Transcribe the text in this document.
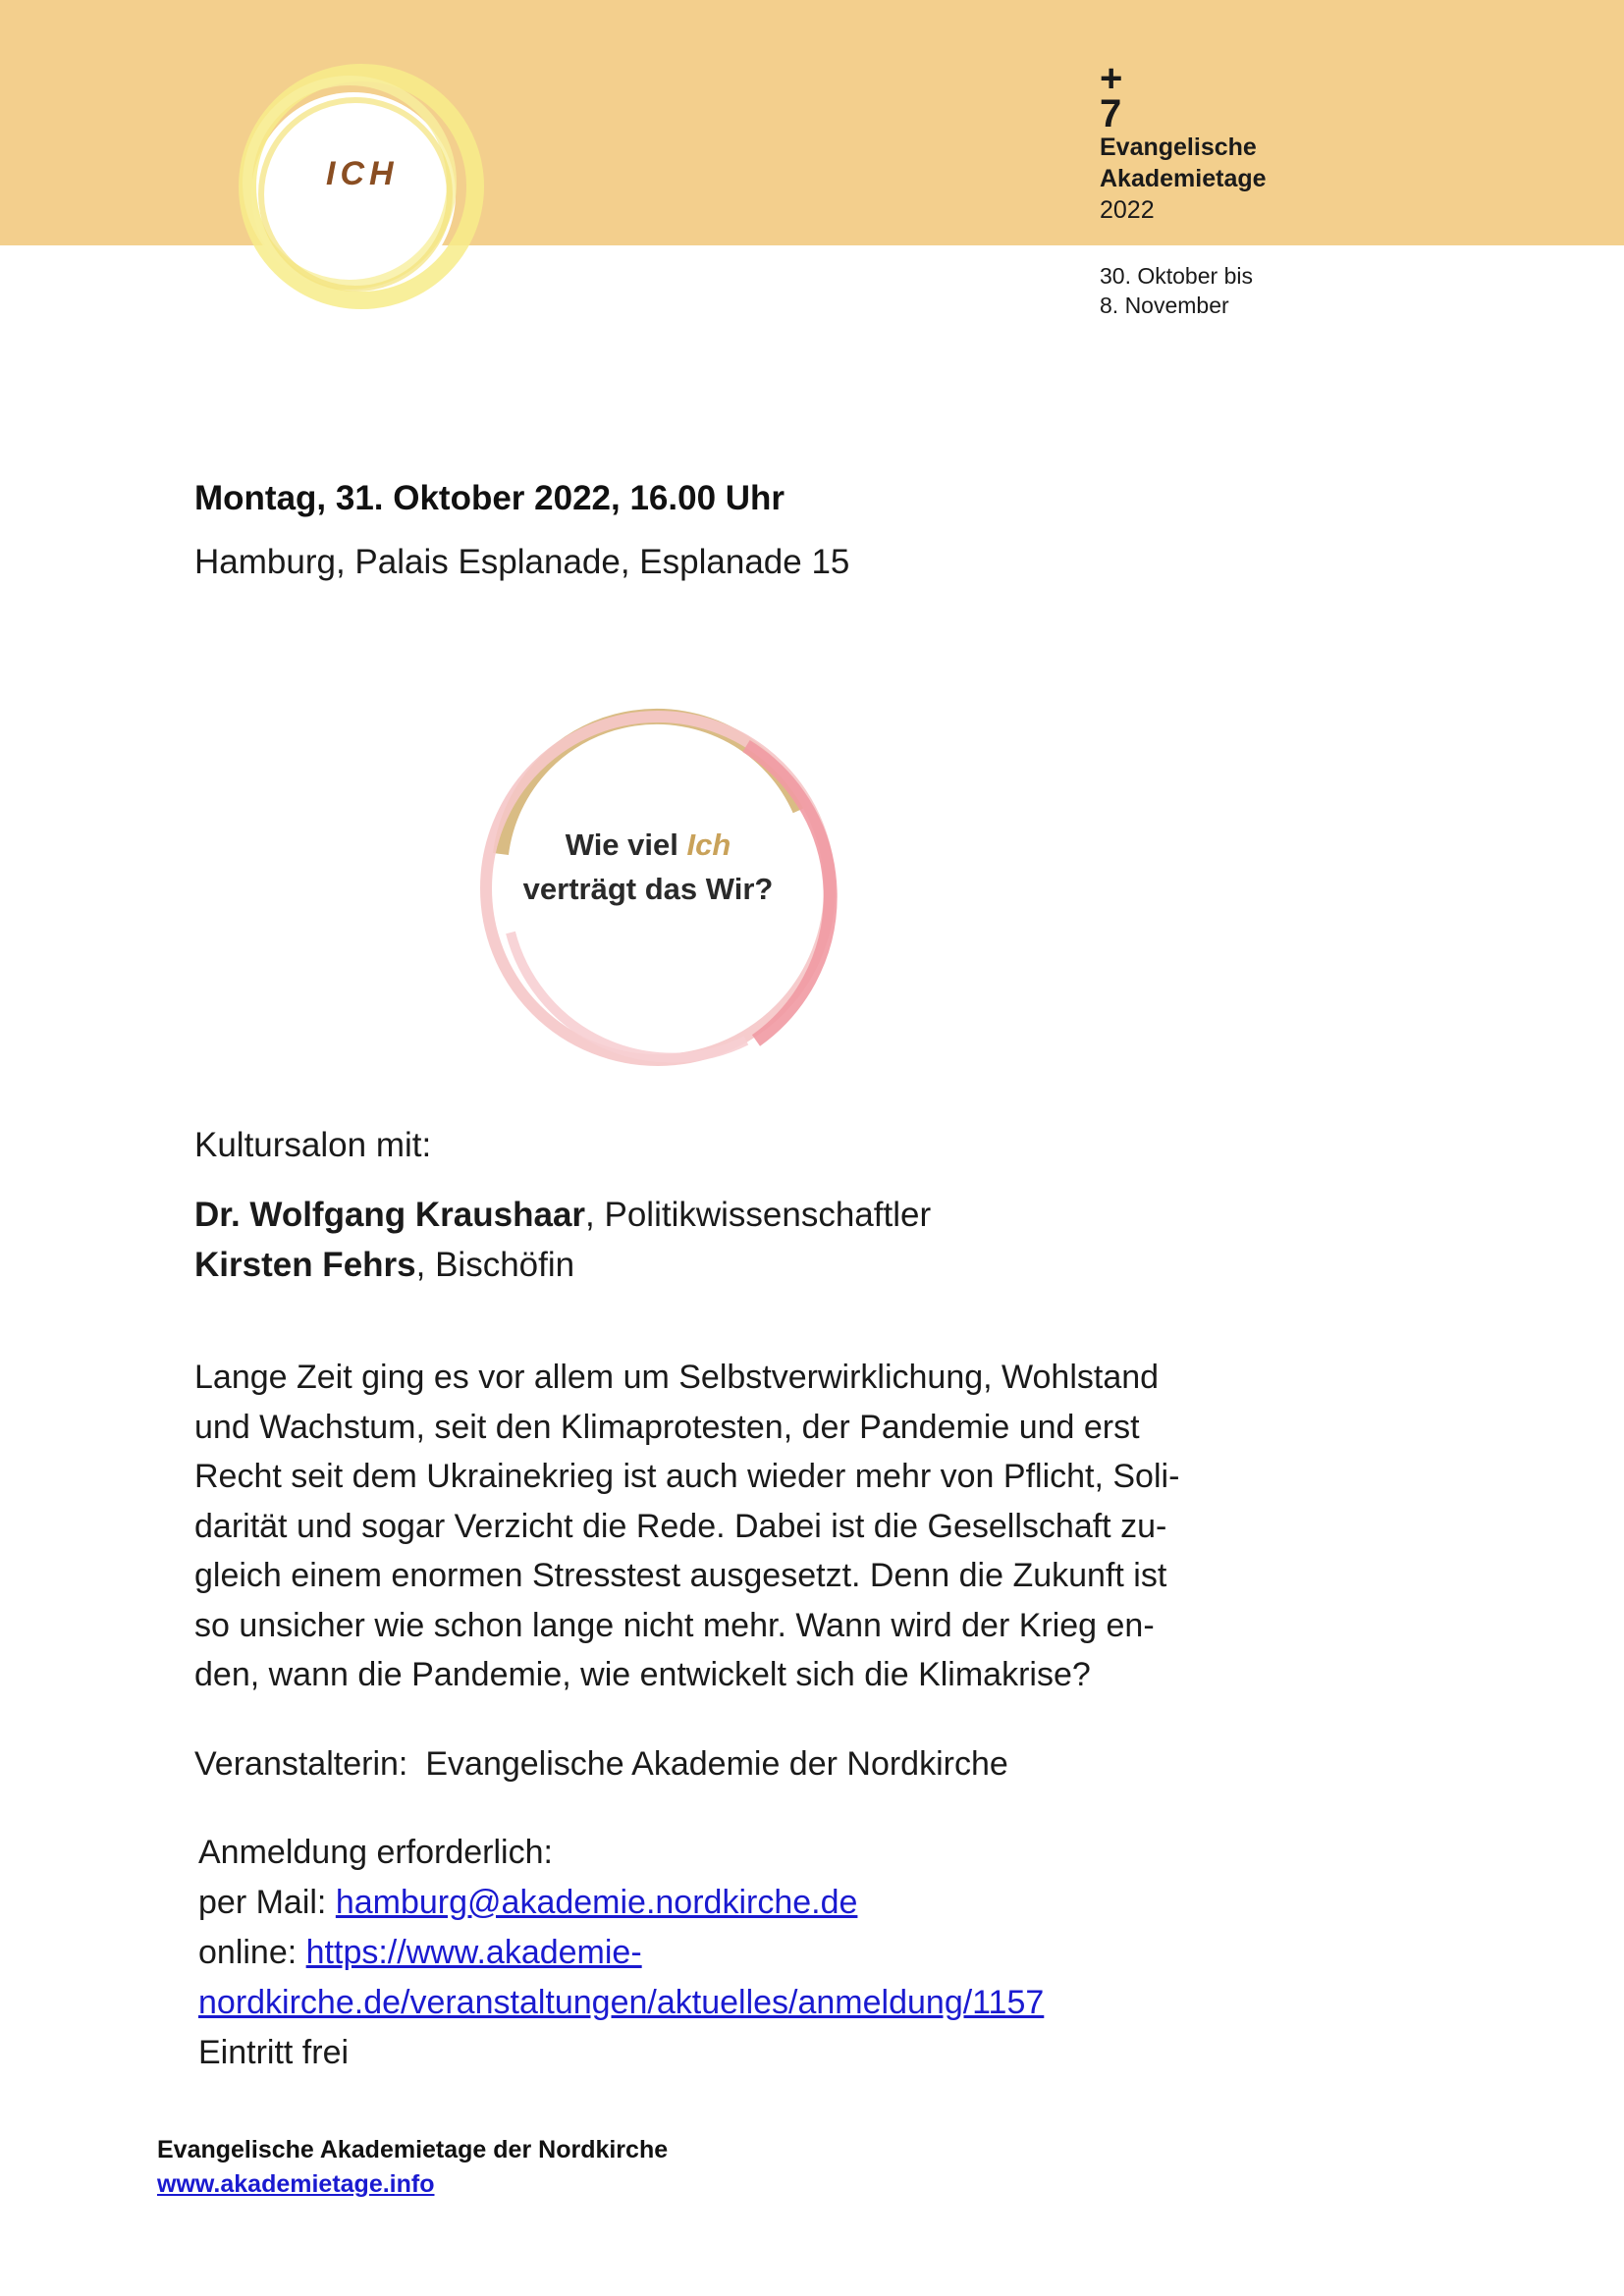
ICH
+
7
Evangelische
Akademietage
2022
30. Oktober bis
8. November
Montag, 31. Oktober 2022, 16.00 Uhr
Hamburg, Palais Esplanade, Esplanade 15
Wie viel Ich
verträgt das Wir?
Kultursalon mit:
Dr. Wolfgang Kraushaar, Politikwissenschaftler
Kirsten Fehrs, Bischöfin
Lange Zeit ging es vor allem um Selbstverwirklichung, Wohlstand
und Wachstum, seit den Klimaprotesten, der Pandemie und erst
Recht seit dem Ukrainekrieg ist auch wieder mehr von Pflicht, Soli-
darität und sogar Verzicht die Rede. Dabei ist die Gesellschaft zu-
gleich einem enormen Stresstest ausgesetzt. Denn die Zukunft ist
so unsicher wie schon lange nicht mehr. Wann wird der Krieg en-
den, wann die Pandemie, wie entwickelt sich die Klimakrise?
Veranstalterin: Evangelische Akademie der Nordkirche
Anmeldung erforderlich:
per Mail: hamburg@akademie.nordkirche.de
online: https://www.akademie-
nordkirche.de/veranstaltungen/aktuelles/anmeldung/1157
Eintritt frei
Evangelische Akademietage der Nordkirche
www.akademietage.info
